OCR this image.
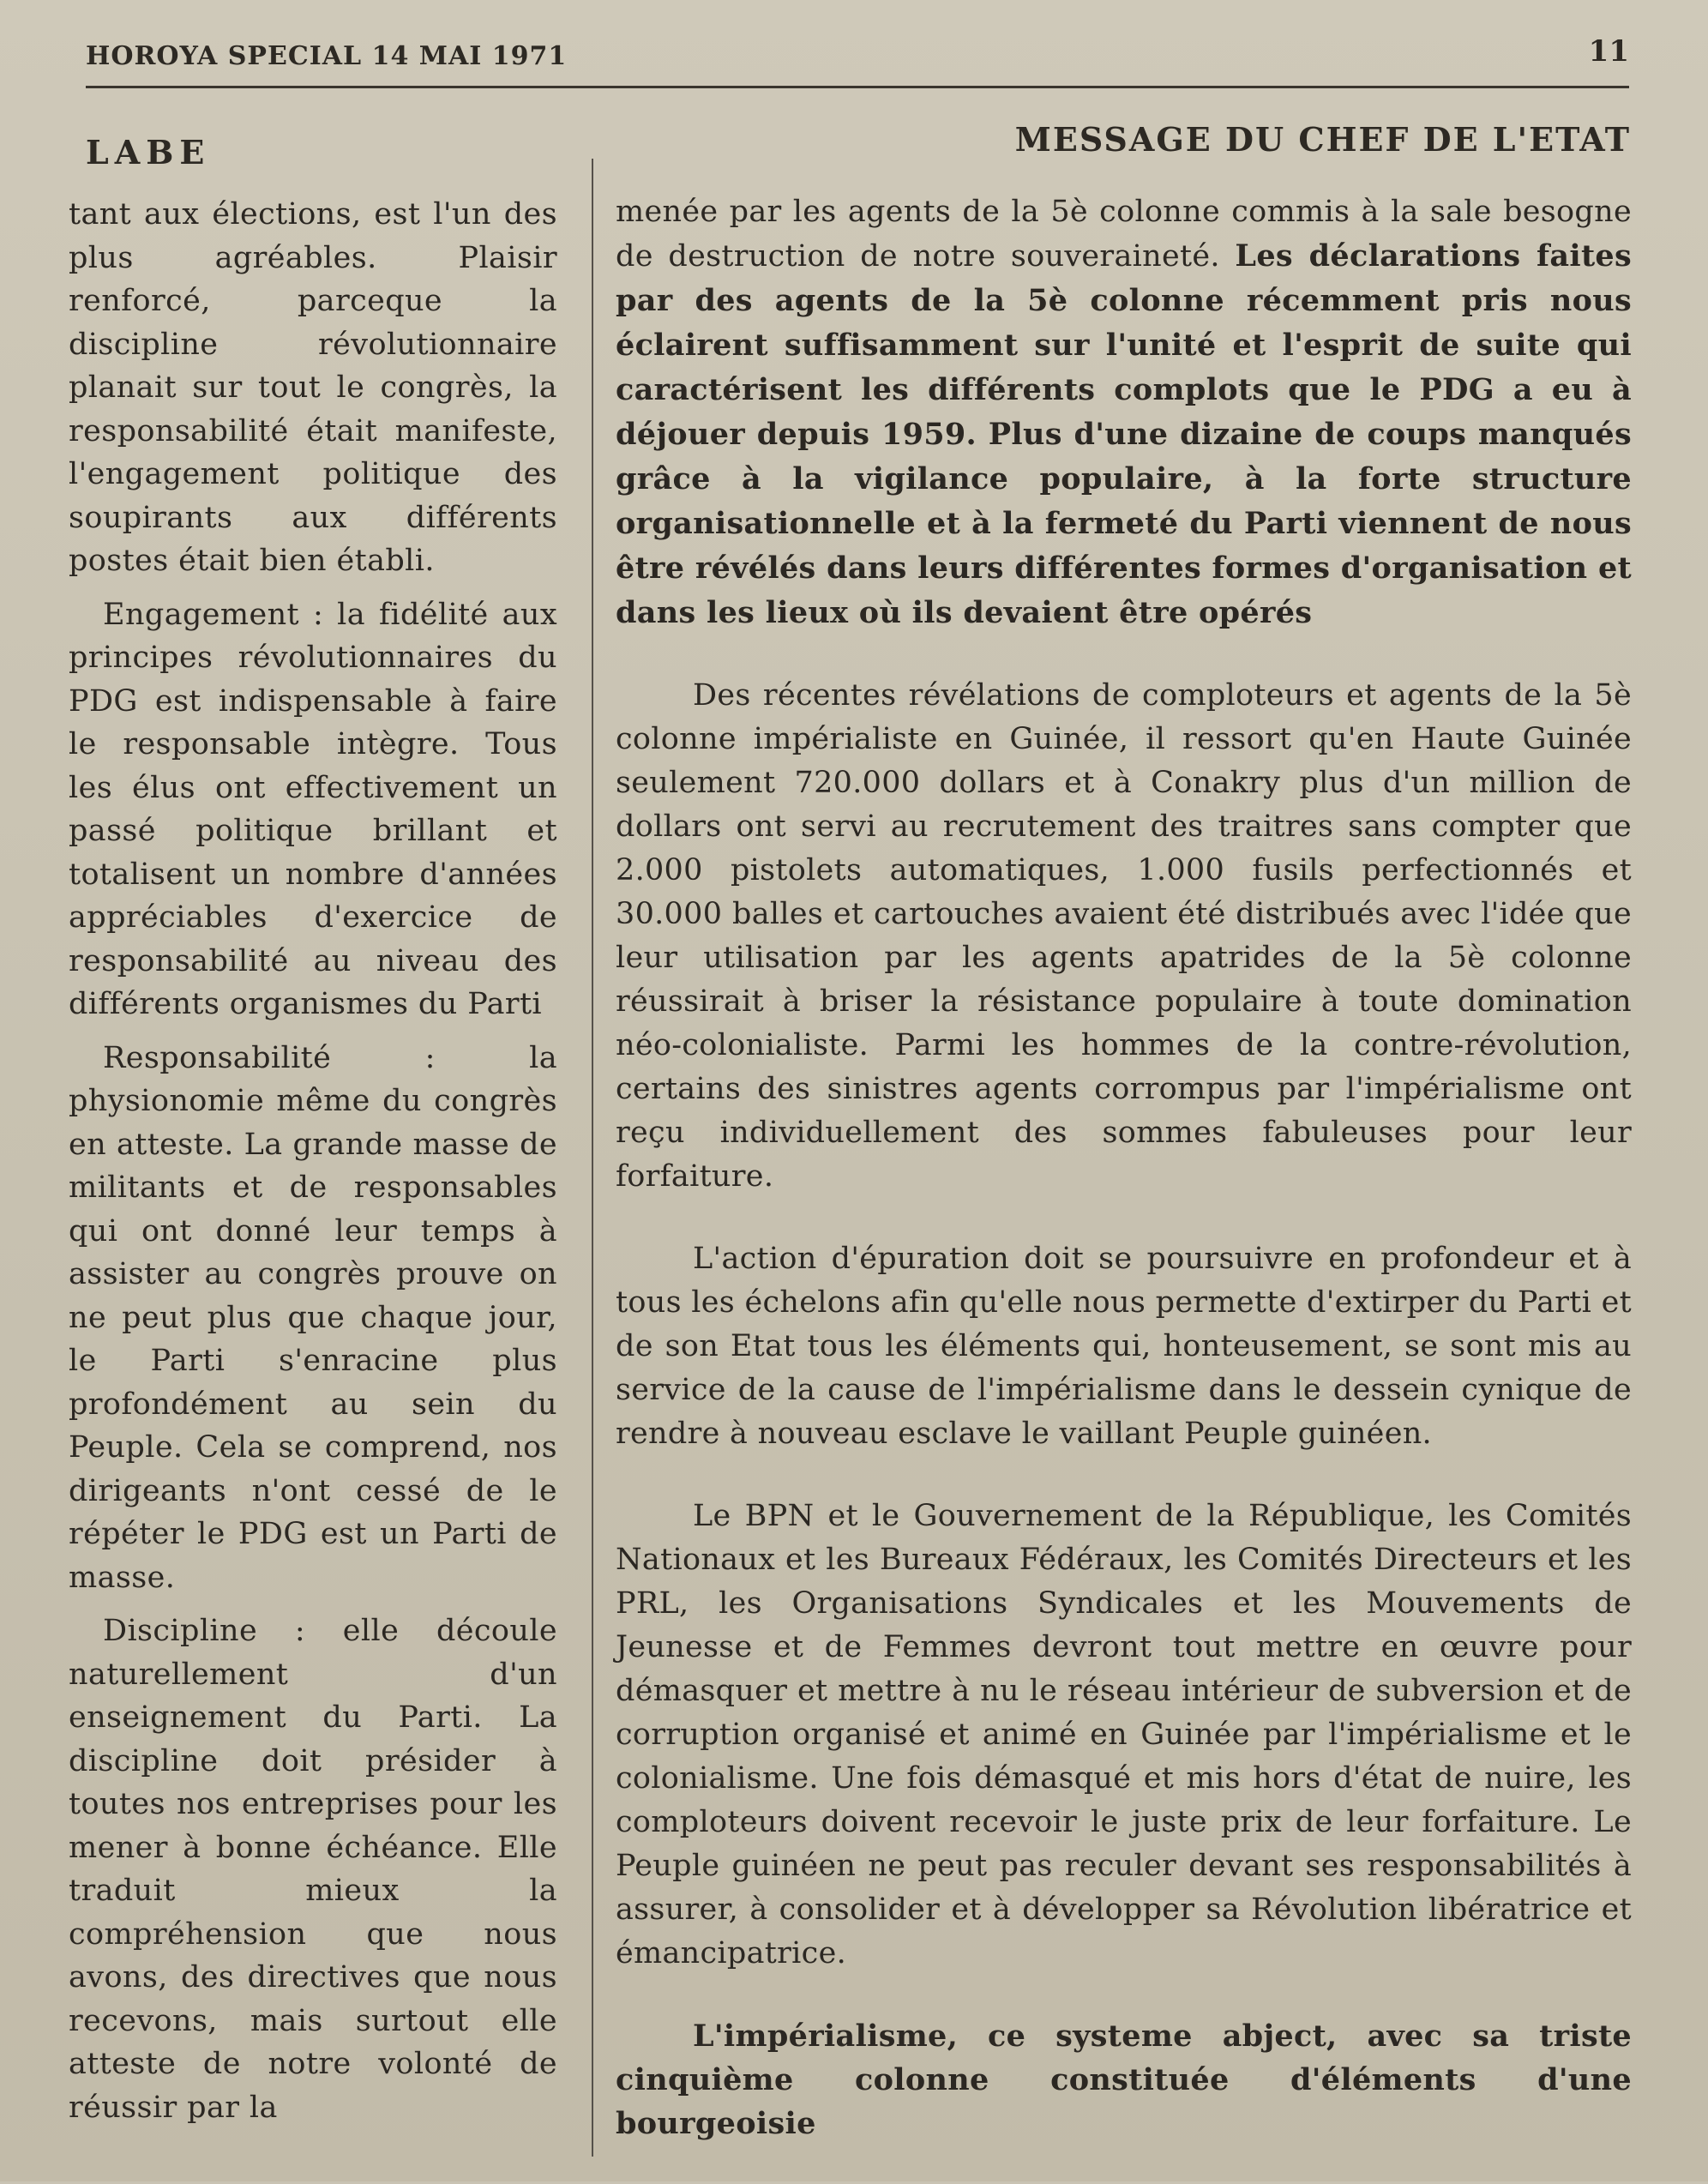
HOROYA SPECIAL 14 MAI 1971	11
LABE	MESSAGE DU CHEF DE L'ETAT

tant aux élections, est l'un des plus agréables. Plaisir renforcé, parceque la discipline révolutionnaire planait sur tout le congrès, la responsabilité était manifeste, l'engagement politique des soupirants aux différents postes était bien établi.

Engagement : la fidélité aux principes révolutionnaires du PDG est indispensable à faire le responsable intègre. Tous les élus ont effectivement un passé politique brillant et totalisent un nombre d'années appréciables d'exercice de responsabilité au niveau des différents organismes du Parti

Responsabilité : la physionomie même du congrès en atteste. La grande masse de militants et de responsables qui ont donné leur temps à assister au congrès prouve on ne peut plus que chaque jour, le Parti s'enracine plus profondément au sein du Peuple. Cela se comprend, nos dirigeants n'ont cessé de le répéter le PDG est un Parti de masse.

Discipline : elle découle naturellement d'un enseignement du Parti. La discipline doit présider à toutes nos entreprises pour les mener à bonne échéance. Elle traduit mieux la compréhension que nous avons, des directives que nous recevons, mais surtout elle atteste de notre volonté de réussir par la

menée par les agents de la 5è colonne commis à la sale besogne de destruction de notre souveraineté. Les déclarations faites par des agents de la 5è colonne récemment pris nous éclairent suffisamment sur l'unité et l'esprit de suite qui caractérisent les différents complots que le PDG a eu à déjouer depuis 1959. Plus d'une dizaine de coups manqués grâce à la vigilance populaire, à la forte structure organisationnelle et à la fermeté du Parti viennent de nous être révélés dans leurs différentes formes d'organisation et dans les lieux où ils devaient être opérés

Des récentes révélations de comploteurs et agents de la 5è colonne impérialiste en Guinée, il ressort qu'en Haute Guinée seulement 720.000 dollars et à Conakry plus d'un million de dollars ont servi au recrutement des traitres sans compter que 2.000 pistolets automatiques, 1.000 fusils perfectionnés et 30.000 balles et cartouches avaient été distribués avec l'idée que leur utilisation par les agents apatrides de la 5è colonne réussirait à briser la résistance populaire à toute domination néo-colonialiste. Parmi les hommes de la contre-révolution, certains des sinistres agents corrompus par l'impérialisme ont reçu individuellement des sommes fabuleuses pour leur forfaiture.

L'action d'épuration doit se poursuivre en profondeur et à tous les échelons afin qu'elle nous permette d'extirper du Parti et de son Etat tous les éléments qui, honteusement, se sont mis au service de la cause de l'impérialisme dans le dessein cynique de rendre à nouveau esclave le vaillant Peuple guinéen.

Le BPN et le Gouvernement de la République, les Comités Nationaux et les Bureaux Fédéraux, les Comités Directeurs et les PRL, les Organisations Syndicales et les Mouvements de Jeunesse et de Femmes devront tout mettre en œuvre pour démasquer et mettre à nu le réseau intérieur de subversion et de corruption organisé et animé en Guinée par l'impérialisme et le colonialisme. Une fois démasqué et mis hors d'état de nuire, les comploteurs doivent recevoir le juste prix de leur forfaiture. Le Peuple guinéen ne peut pas reculer devant ses responsabilités à assurer, à consolider et à développer sa Révolution libératrice et émancipatrice.

L'impérialisme, ce systeme abject, avec sa triste cinquième colonne constituée d'éléments d'une bourgeoisie
